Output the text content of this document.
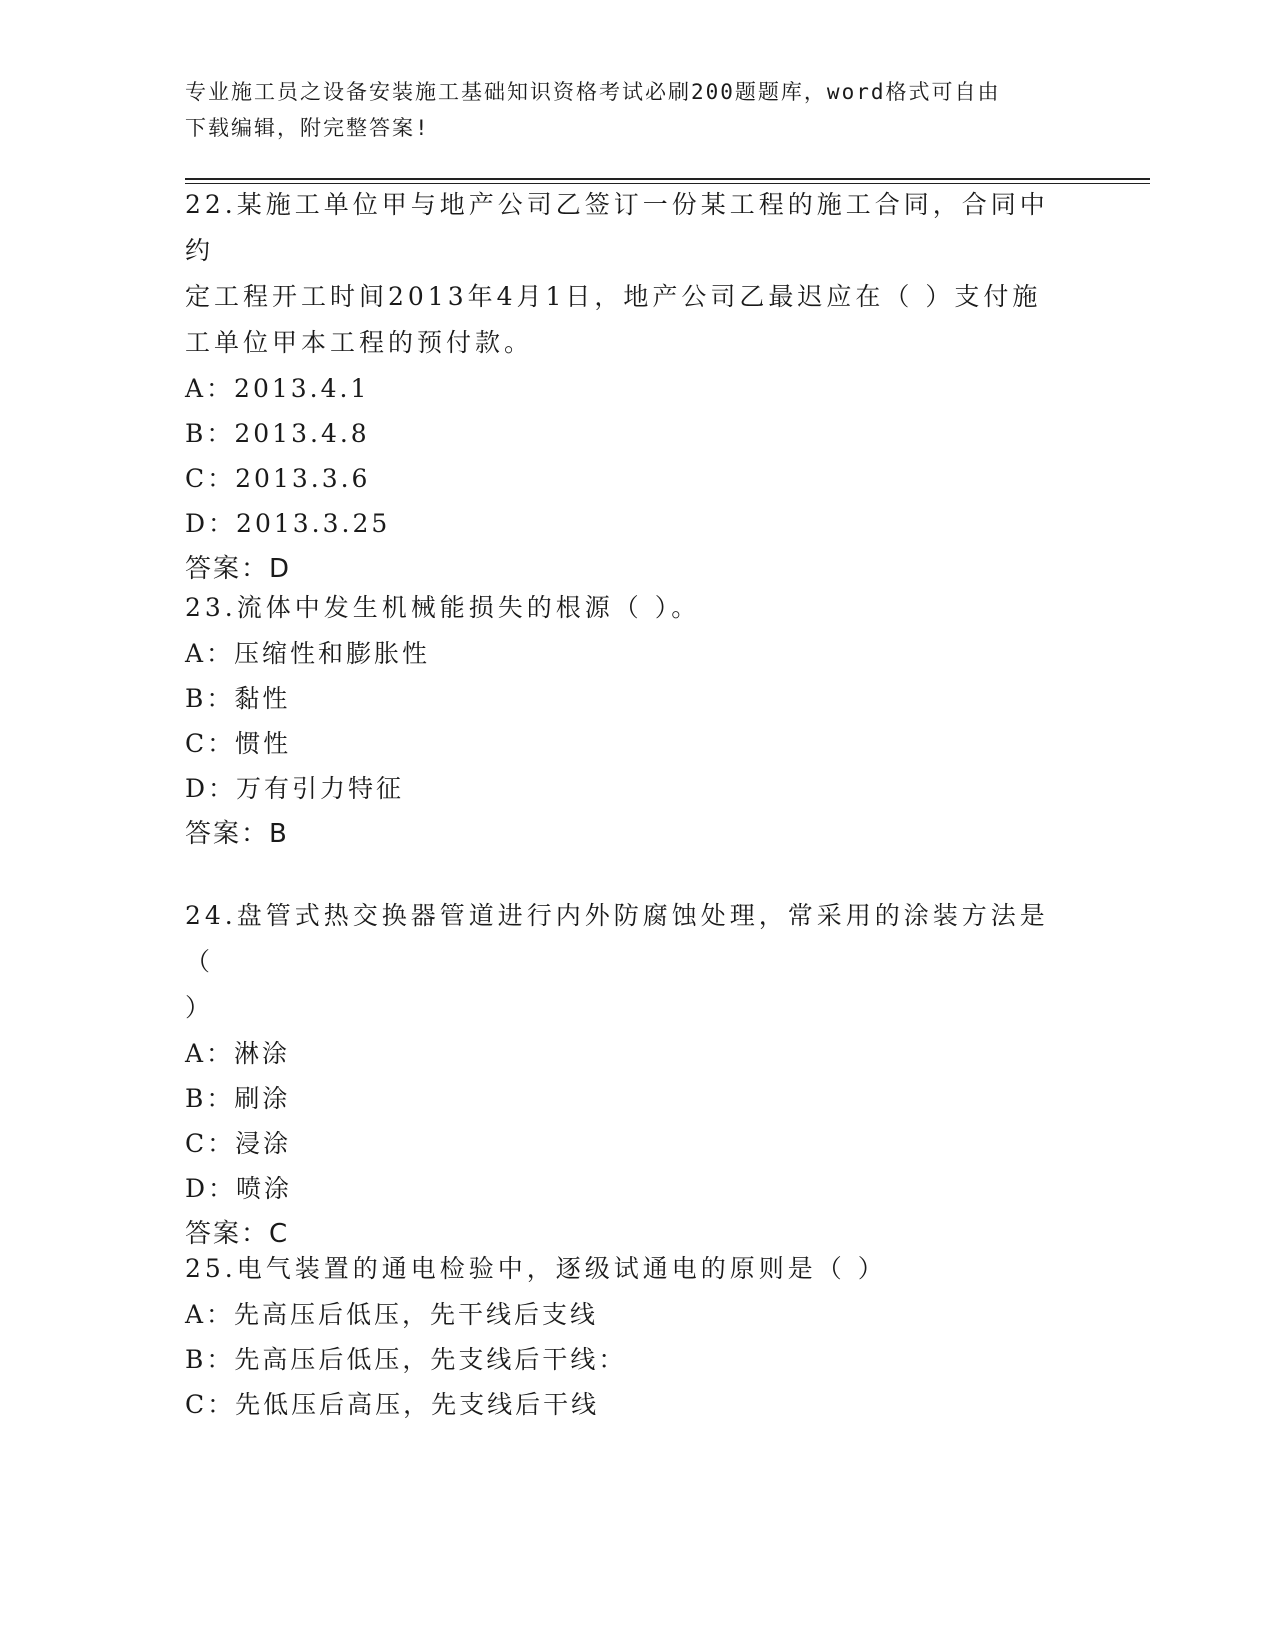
专业施工员之设备安装施工基础知识资格考试必刷200题题库，word格式可自由
下载编辑，附完整答案!

22.某施工单位甲与地产公司乙签订一份某工程的施工合同，合同中约

定工程开工时间2013年4月1日，地产公司乙最迟应在（ ）支付施

工单位甲本工程的预付款。

A：2013.4.1

B：2013.4.8

C：2013.3.6

D：2013.3.25

答案：D

23.流体中发生机械能损失的根源（ ）。

A：压缩性和膨胀性

B：黏性

C：惯性

D：万有引力特征

答案：B

24.盘管式热交换器管道进行内外防腐蚀处理，常采用的涂装方法是（

）

A：淋涂

B：刷涂

C：浸涂

D：喷涂

答案：C

25.电气装置的通电检验中，逐级试通电的原则是（ ）

A：先高压后低压，先干线后支线

B：先高压后低压，先支线后干线：

C：先低压后高压，先支线后干线
